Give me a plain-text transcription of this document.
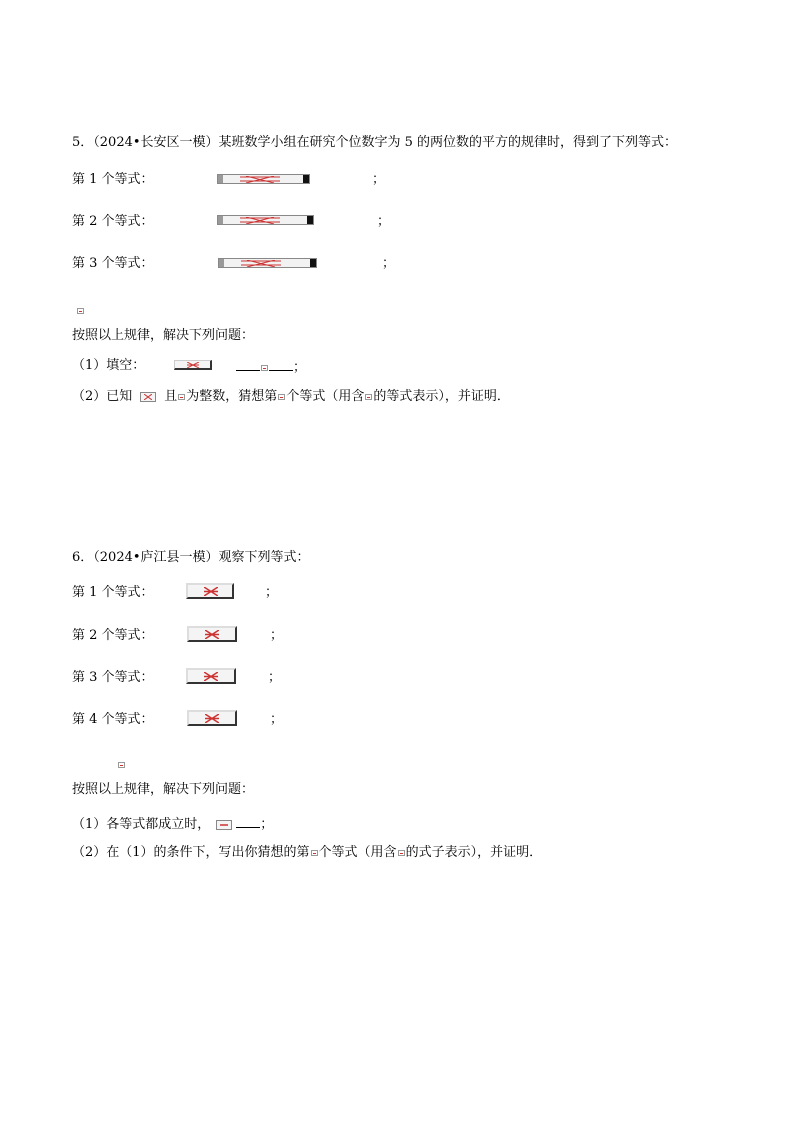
5．（2024•长安区一模）某班数学小组在研究个位数字为 5 的两位数的平方的规律时，得到了下列等式：
第 1 个等式：	；
第 2 个等式：	；
第 3 个等式：	；

按照以上规律，解决下列问题：
（1）填空：	；
（2）已知 且 为整数，猜想第 个等式（用含 的等式表示），并证明．
6．（2024•庐江县一模）观察下列等式：
第 1 个等式：	；
第 2 个等式：	；
第 3 个等式：	；
第 4 个等式：	；
按照以上规律，解决下列问题：
（1）各等式都成立时，	；
（2）在（1）的条件下，写出你猜想的第 个等式（用含 的式子表示），并证明．
